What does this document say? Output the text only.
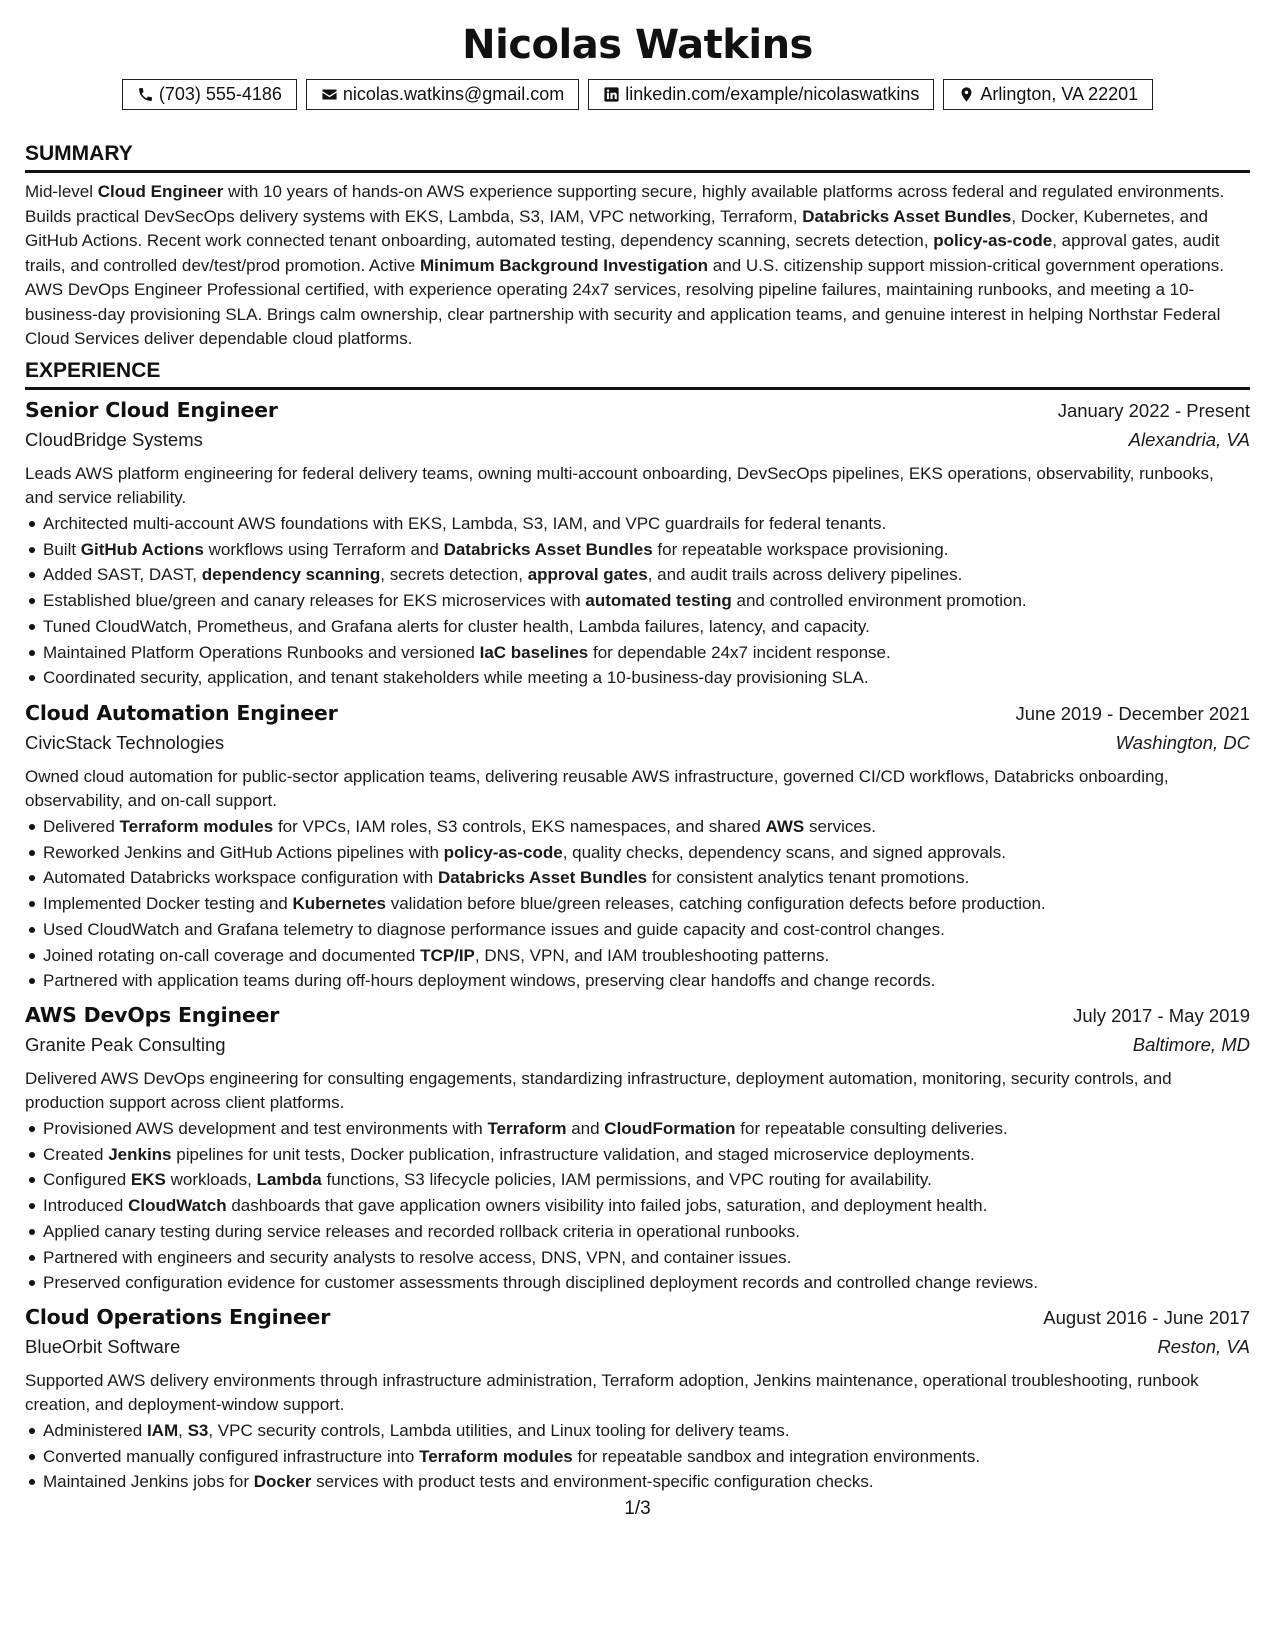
Nicolas Watkins
(703) 555-4186	nicolas.watkins@gmail.com	linkedin.com/example/nicolaswatkins	Arlington, VA 22201
SUMMARY
Mid-level Cloud Engineer with 10 years of hands-on AWS experience supporting secure, highly available platforms across federal and regulated environments. Builds practical DevSecOps delivery systems with EKS, Lambda, S3, IAM, VPC networking, Terraform, Databricks Asset Bundles, Docker, Kubernetes, and GitHub Actions. Recent work connected tenant onboarding, automated testing, dependency scanning, secrets detection, policy-as-code, approval gates, audit trails, and controlled dev/test/prod promotion. Active Minimum Background Investigation and U.S. citizenship support mission-critical government operations. AWS DevOps Engineer Professional certified, with experience operating 24x7 services, resolving pipeline failures, maintaining runbooks, and meeting a 10-business-day provisioning SLA. Brings calm ownership, clear partnership with security and application teams, and genuine interest in helping Northstar Federal Cloud Services deliver dependable cloud platforms.
EXPERIENCE
Senior Cloud Engineer	January 2022 - Present
CloudBridge Systems	Alexandria, VA
Leads AWS platform engineering for federal delivery teams, owning multi-account onboarding, DevSecOps pipelines, EKS operations, observability, runbooks, and service reliability.
Architected multi-account AWS foundations with EKS, Lambda, S3, IAM, and VPC guardrails for federal tenants.
Built GitHub Actions workflows using Terraform and Databricks Asset Bundles for repeatable workspace provisioning.
Added SAST, DAST, dependency scanning, secrets detection, approval gates, and audit trails across delivery pipelines.
Established blue/green and canary releases for EKS microservices with automated testing and controlled environment promotion.
Tuned CloudWatch, Prometheus, and Grafana alerts for cluster health, Lambda failures, latency, and capacity.
Maintained Platform Operations Runbooks and versioned IaC baselines for dependable 24x7 incident response.
Coordinated security, application, and tenant stakeholders while meeting a 10-business-day provisioning SLA.
Cloud Automation Engineer	June 2019 - December 2021
CivicStack Technologies	Washington, DC
Owned cloud automation for public-sector application teams, delivering reusable AWS infrastructure, governed CI/CD workflows, Databricks onboarding, observability, and on-call support.
Delivered Terraform modules for VPCs, IAM roles, S3 controls, EKS namespaces, and shared AWS services.
Reworked Jenkins and GitHub Actions pipelines with policy-as-code, quality checks, dependency scans, and signed approvals.
Automated Databricks workspace configuration with Databricks Asset Bundles for consistent analytics tenant promotions.
Implemented Docker testing and Kubernetes validation before blue/green releases, catching configuration defects before production.
Used CloudWatch and Grafana telemetry to diagnose performance issues and guide capacity and cost-control changes.
Joined rotating on-call coverage and documented TCP/IP, DNS, VPN, and IAM troubleshooting patterns.
Partnered with application teams during off-hours deployment windows, preserving clear handoffs and change records.
AWS DevOps Engineer	July 2017 - May 2019
Granite Peak Consulting	Baltimore, MD
Delivered AWS DevOps engineering for consulting engagements, standardizing infrastructure, deployment automation, monitoring, security controls, and production support across client platforms.
Provisioned AWS development and test environments with Terraform and CloudFormation for repeatable consulting deliveries.
Created Jenkins pipelines for unit tests, Docker publication, infrastructure validation, and staged microservice deployments.
Configured EKS workloads, Lambda functions, S3 lifecycle policies, IAM permissions, and VPC routing for availability.
Introduced CloudWatch dashboards that gave application owners visibility into failed jobs, saturation, and deployment health.
Applied canary testing during service releases and recorded rollback criteria in operational runbooks.
Partnered with engineers and security analysts to resolve access, DNS, VPN, and container issues.
Preserved configuration evidence for customer assessments through disciplined deployment records and controlled change reviews.
Cloud Operations Engineer	August 2016 - June 2017
BlueOrbit Software	Reston, VA
Supported AWS delivery environments through infrastructure administration, Terraform adoption, Jenkins maintenance, operational troubleshooting, runbook creation, and deployment-window support.
Administered IAM, S3, VPC security controls, Lambda utilities, and Linux tooling for delivery teams.
Converted manually configured infrastructure into Terraform modules for repeatable sandbox and integration environments.
Maintained Jenkins jobs for Docker services with product tests and environment-specific configuration checks.
1/3
